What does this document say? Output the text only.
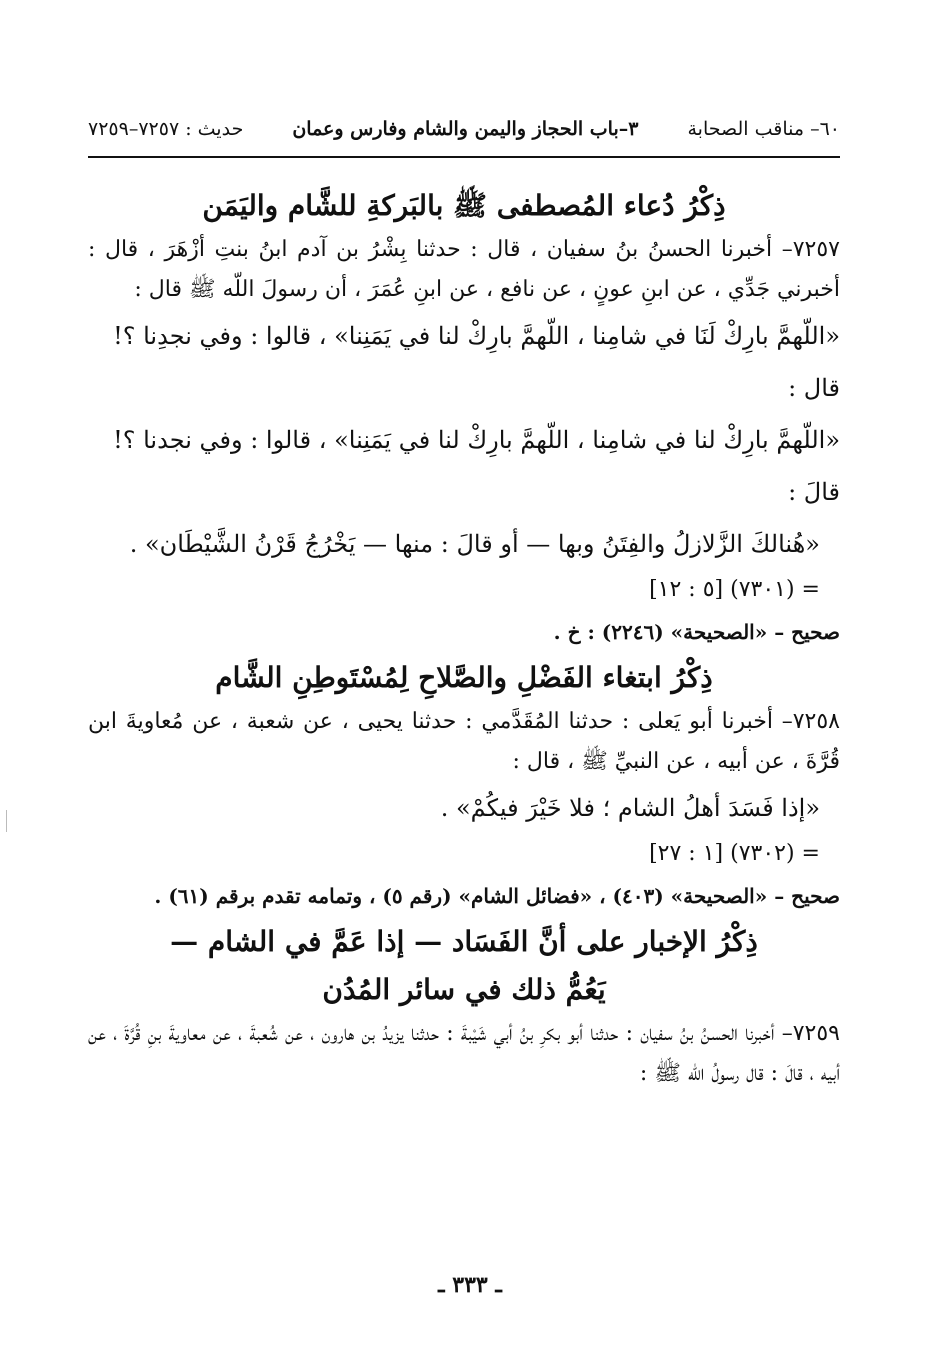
٦٠– مناقب الصحابة
٣–باب الحجاز واليمن والشام وفارس وعمان
حديث : ٧٢٥٧–٧٢٥٩
ذِكْرُ دُعاء المُصطفى ﷺ بالبَركةِ للشَّام واليَمَن

٧٢٥٧– أخبرنا الحسنُ بنُ سفيان ، قال : حدثنا بِشْرُ بن آدم ابنُ بنتِ أزْهَرَ ، قال : أخبرني جَدِّي ، عن ابنِ عونٍ ، عن نافع ، عن ابنِ عُمَرَ ، أن رسولَ اللّه ﷺ قال :

«اللّهمَّ بارِكْ لَنَا في شامِنا ، اللّهمَّ بارِكْ لنا في يَمَنِنا» ، قالوا : وفي نجدِنا ؟!

قال :

«اللّهمَّ بارِكْ لنا في شامِنا ، اللّهمَّ بارِكْ لنا في يَمَنِنا» ، قالوا : وفي نجدنا ؟!

قالَ :

«هُنالكَ الزَّلازلُ والفِتَنُ وبها — أو قالَ : منها — يَخْرُجُ قَرْنُ الشَّيْطَان» .

= (٧٣٠١) [٥ : ١٢]

صحيح – «الصحيحة» (٢٢٤٦) : خ .

ذِكْرُ ابتغاء الفَضْلِ والصَّلاحِ لِمُسْتَوطِنِ الشَّام

٧٢٥٨– أخبرنا أبو يَعلى : حدثنا المُقَدَّمي : حدثنا يحيى ، عن شعبة ، عن مُعاويةَ ابن قُرَّةَ ، عن أبيه ، عن النبيِّ ﷺ ، قال :

«إذا فَسَدَ أهلُ الشام ؛ فلا خَيْرَ فيكُمْ» .

= (٧٣٠٢) [١ : ٢٧]

صحيح – «الصحيحة» (٤٠٣) ، «فضائل الشام» (رقم ٥) ، وتمامه تقدم برقم (٦١) .

ذِكْرُ الإخبار على أنَّ الفَسَاد — إذا عَمَّ في الشام —
يَعُمُّ ذلك في سائر المُدُن

٧٢٥٩– أخبرنا الحسنُ بنُ سفيان : حدثنا أبو بكرِ بنُ أبي شَيْبةَ : حدثنا يزيدُ بن هارون ، عن شُعبةَ ، عن معاويةَ بنِ قُرَّةَ ، عن أبيه ، قالَ : قال رسولُ اللّه ﷺ :

ـ ٣٣٣ ـ
